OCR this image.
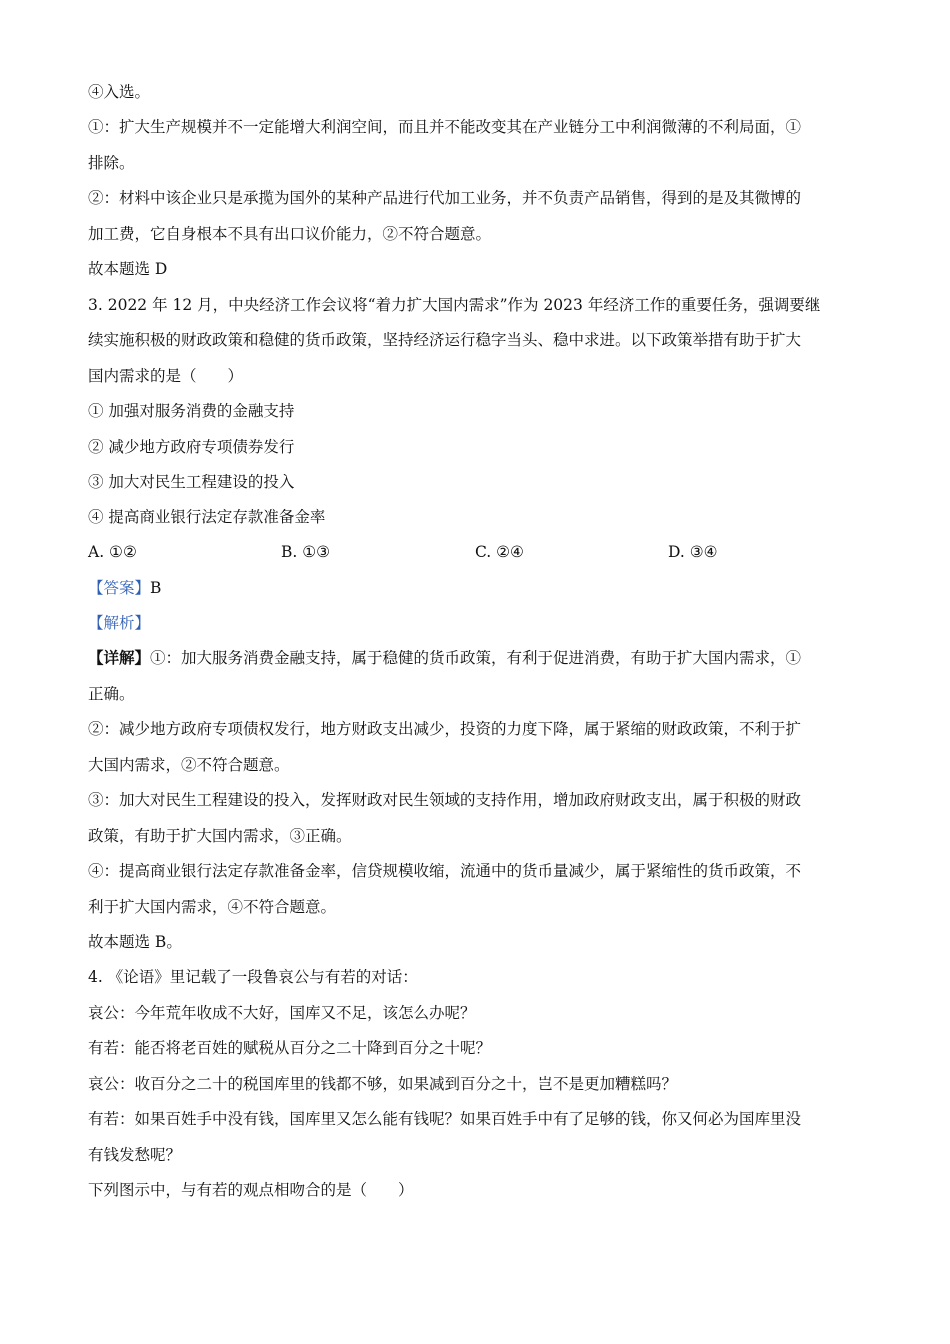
④入选。
①：扩大生产规模并不一定能增大利润空间，而且并不能改变其在产业链分工中利润微薄的不利局面，①
排除。
②：材料中该企业只是承揽为国外的某种产品进行代加工业务，并不负责产品销售，得到的是及其微博的
加工费，它自身根本不具有出口议价能力，②不符合题意。
故本题选 D
3. 2022 年 12 月，中央经济工作会议将“着力扩大国内需求”作为 2023 年经济工作的重要任务，强调要继
续实施积极的财政政策和稳健的货币政策，坚持经济运行稳字当头、稳中求进。以下政策举措有助于扩大
国内需求的是（　　）
① 加强对服务消费的金融支持
② 减少地方政府专项债券发行
③ 加大对民生工程建设的投入
④ 提高商业银行法定存款准备金率
A. ①②	B. ①③	C. ②④	D. ③④
【答案】B
【解析】
【详解】①：加大服务消费金融支持，属于稳健的货币政策，有利于促进消费，有助于扩大国内需求，①
正确。
②：减少地方政府专项债权发行，地方财政支出减少，投资的力度下降，属于紧缩的财政政策，不利于扩
大国内需求，②不符合题意。
③：加大对民生工程建设的投入，发挥财政对民生领域的支持作用，增加政府财政支出，属于积极的财政
政策，有助于扩大国内需求，③正确。
④：提高商业银行法定存款准备金率，信贷规模收缩，流通中的货币量减少，属于紧缩性的货币政策，不
利于扩大国内需求，④不符合题意。
故本题选 B。
4. 《论语》里记载了一段鲁哀公与有若的对话：
哀公：今年荒年收成不大好，国库又不足，该怎么办呢？
有若：能否将老百姓的赋税从百分之二十降到百分之十呢？
哀公：收百分之二十的税国库里的钱都不够，如果减到百分之十，岂不是更加糟糕吗？
有若：如果百姓手中没有钱，国库里又怎么能有钱呢？如果百姓手中有了足够的钱，你又何必为国库里没
有钱发愁呢？
下列图示中，与有若的观点相吻合的是（　　）
